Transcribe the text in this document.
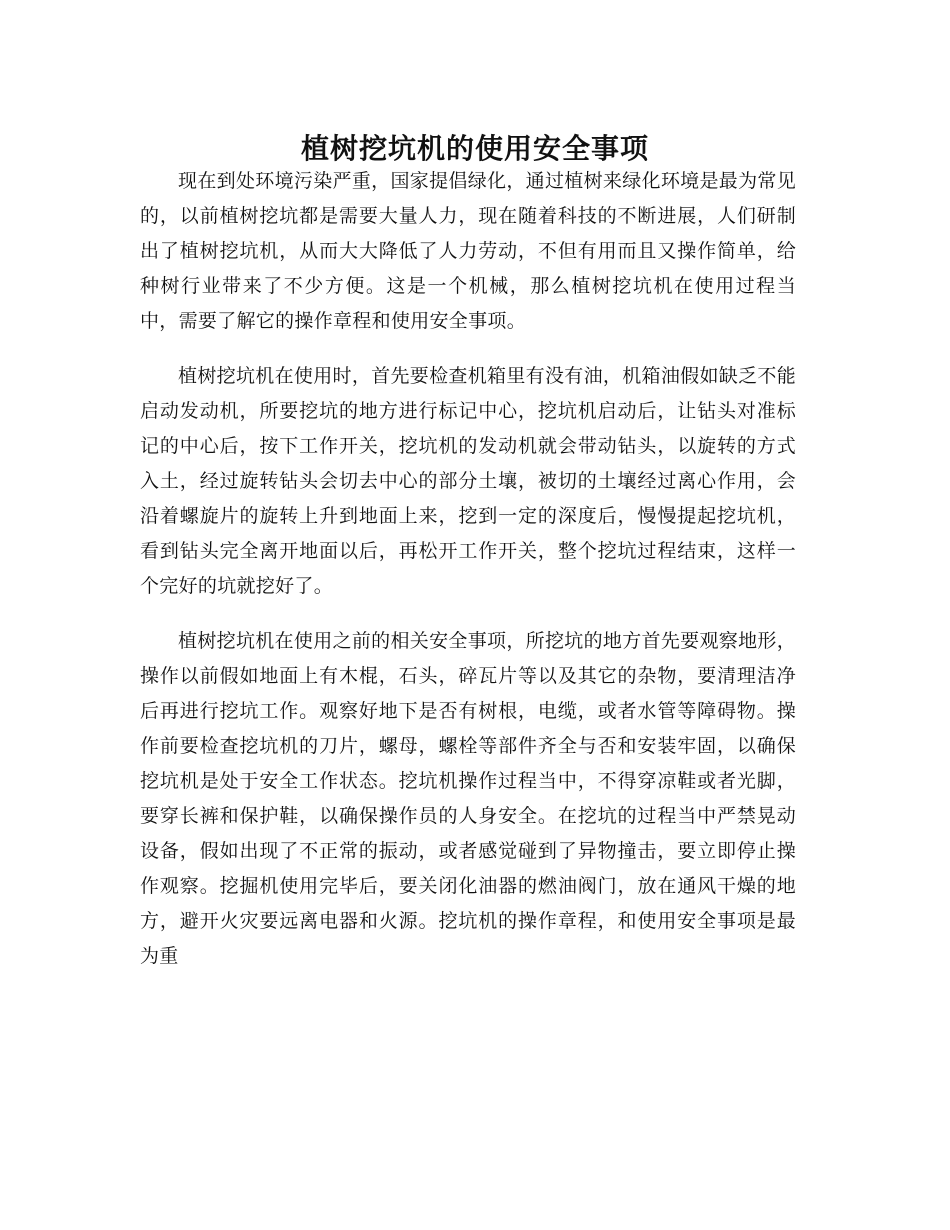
植树挖坑机的使用安全事项

现在到处环境污染严重，国家提倡绿化，通过植树来绿化环境是最为常见的，以前植树挖坑都是需要大量人力，现在随着科技的不断进展，人们研制出了植树挖坑机，从而大大降低了人力劳动，不但有用而且又操作简单，给种树行业带来了不少方便。这是一个机械，那么植树挖坑机在使用过程当中，需要了解它的操作章程和使用安全事项。

植树挖坑机在使用时，首先要检查机箱里有没有油，机箱油假如缺乏不能启动发动机，所要挖坑的地方进行标记中心，挖坑机启动后，让钻头对准标记的中心后，按下工作开关，挖坑机的发动机就会带动钻头，以旋转的方式入土，经过旋转钻头会切去中心的部分土壤，被切的土壤经过离心作用，会沿着螺旋片的旋转上升到地面上来，挖到一定的深度后，慢慢提起挖坑机，看到钻头完全离开地面以后，再松开工作开关，整个挖坑过程结束，这样一个完好的坑就挖好了。

植树挖坑机在使用之前的相关安全事项，所挖坑的地方首先要观察地形，操作以前假如地面上有木棍，石头，碎瓦片等以及其它的杂物，要清理洁净后再进行挖坑工作。观察好地下是否有树根，电缆，或者水管等障碍物。操作前要检查挖坑机的刀片，螺母，螺栓等部件齐全与否和安装牢固，以确保挖坑机是处于安全工作状态。挖坑机操作过程当中，不得穿凉鞋或者光脚，要穿长裤和保护鞋，以确保操作员的人身安全。在挖坑的过程当中严禁晃动设备，假如出现了不正常的振动，或者感觉碰到了异物撞击，要立即停止操作观察。挖掘机使用完毕后，要关闭化油器的燃油阀门，放在通风干燥的地方，避开火灾要远离电器和火源。挖坑机的操作章程，和使用安全事项是最为重
